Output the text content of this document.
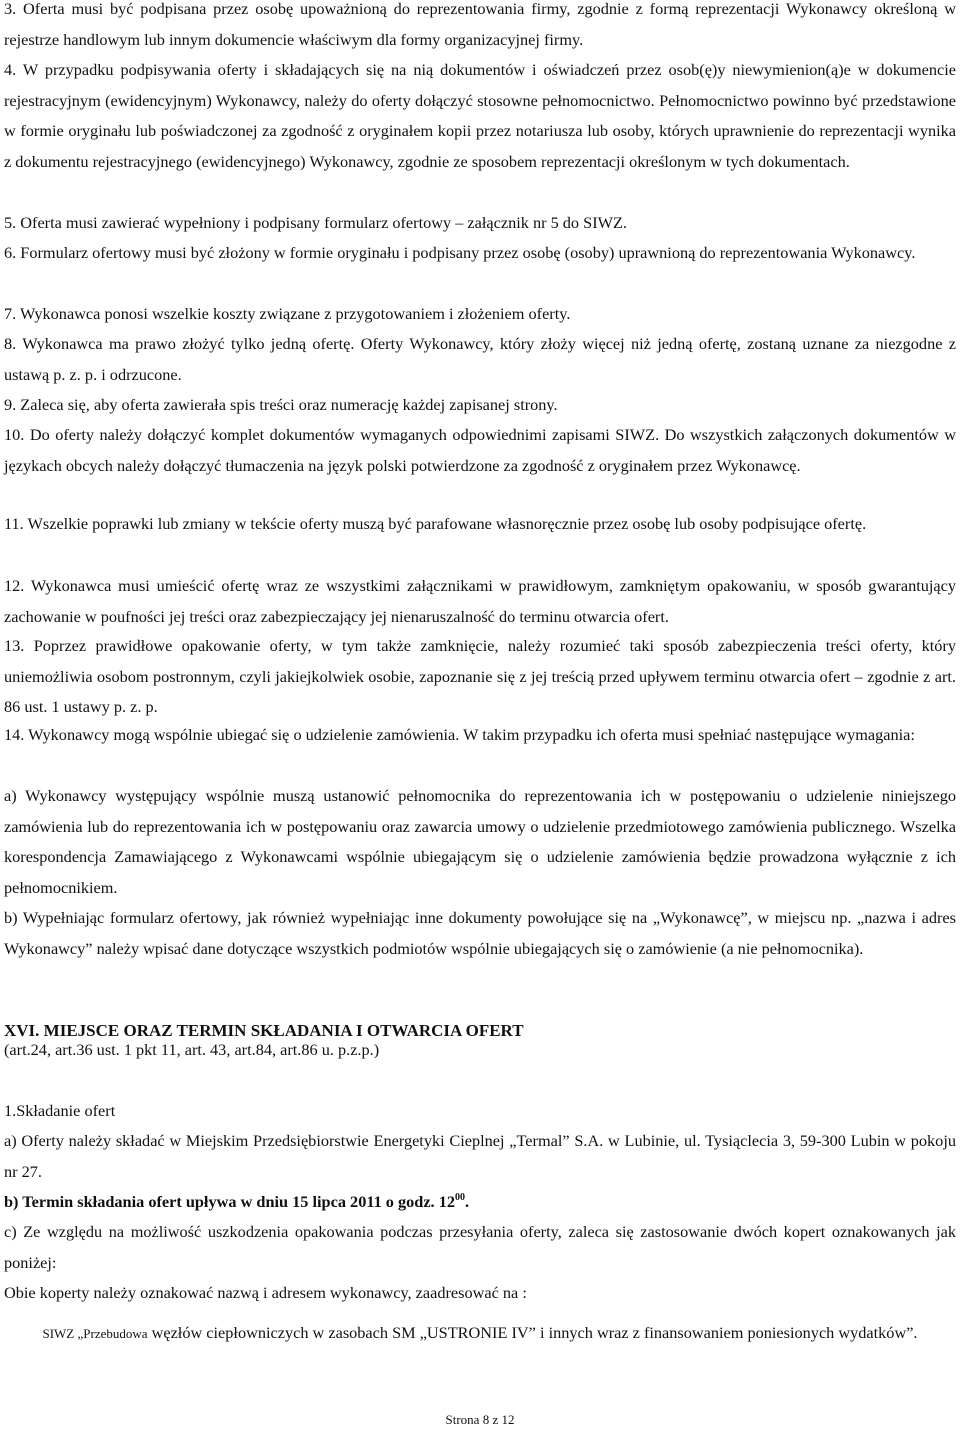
3. Oferta musi być podpisana przez osobę upoważnioną do reprezentowania firmy, zgodnie z formą reprezentacji Wykonawcy określoną w rejestrze handlowym lub innym dokumencie właściwym dla formy organizacyjnej firmy.

4. W przypadku podpisywania oferty i składających się na nią dokumentów i oświadczeń przez osob(ę)y niewymienion(ą)e w dokumencie rejestracyjnym (ewidencyjnym) Wykonawcy, należy do oferty dołączyć stosowne pełnomocnictwo. Pełnomocnictwo powinno być przedstawione w formie oryginału lub poświadczonej za zgodność z oryginałem kopii przez notariusza lub osoby, których uprawnienie do reprezentacji wynika z dokumentu rejestracyjnego (ewidencyjnego) Wykonawcy, zgodnie ze sposobem reprezentacji określonym w tych dokumentach.

5. Oferta musi zawierać wypełniony i podpisany formularz ofertowy – załącznik nr 5 do SIWZ.

6. Formularz ofertowy musi być złożony w formie oryginału i podpisany przez osobę (osoby) uprawnioną do reprezentowania Wykonawcy.

7. Wykonawca ponosi wszelkie koszty związane z przygotowaniem i złożeniem oferty.

8. Wykonawca ma prawo złożyć tylko jedną ofertę. Oferty Wykonawcy, który złoży więcej niż jedną ofertę, zostaną uznane za niezgodne z ustawą p. z. p. i odrzucone.

9. Zaleca się, aby oferta zawierała spis treści oraz numerację każdej zapisanej strony.

10. Do oferty należy dołączyć komplet dokumentów wymaganych odpowiednimi zapisami SIWZ. Do wszystkich załączonych dokumentów w językach obcych należy dołączyć tłumaczenia na język polski potwierdzone za zgodność z oryginałem przez Wykonawcę.

11. Wszelkie poprawki lub zmiany w tekście oferty muszą być parafowane własnoręcznie przez osobę lub osoby podpisujące ofertę.

12. Wykonawca musi umieścić ofertę wraz ze wszystkimi załącznikami w prawidłowym, zamkniętym opakowaniu, w sposób gwarantujący zachowanie w poufności jej treści oraz zabezpieczający jej nienaruszalność do terminu otwarcia ofert.

13. Poprzez prawidłowe opakowanie oferty, w tym także zamknięcie, należy rozumieć taki sposób zabezpieczenia treści oferty, który uniemożliwia osobom postronnym, czyli jakiejkolwiek osobie, zapoznanie się z jej treścią przed upływem terminu otwarcia ofert – zgodnie z art. 86 ust. 1 ustawy p. z. p.

14. Wykonawcy mogą wspólnie ubiegać się o udzielenie zamówienia. W takim przypadku ich oferta musi spełniać następujące wymagania:

a) Wykonawcy występujący wspólnie muszą ustanowić pełnomocnika do reprezentowania ich w postępowaniu o udzielenie niniejszego zamówienia lub do reprezentowania ich w postępowaniu oraz zawarcia umowy o udzielenie przedmiotowego zamówienia publicznego. Wszelka korespondencja Zamawiającego z Wykonawcami wspólnie ubiegającym się o udzielenie zamówienia będzie prowadzona wyłącznie z ich pełnomocnikiem.

b) Wypełniając formularz ofertowy, jak również wypełniając inne dokumenty powołujące się na „Wykonawcę”, w miejscu np. „nazwa i adres Wykonawcy” należy wpisać dane dotyczące wszystkich podmiotów wspólnie ubiegających się o zamówienie (a nie pełnomocnika).

XVI. MIEJSCE ORAZ TERMIN SKŁADANIA I OTWARCIA OFERT

(art.24, art.36 ust. 1 pkt 11, art. 43, art.84, art.86 u. p.z.p.)

1.Składanie ofert

a) Oferty należy składać w Miejskim Przedsiębiorstwie Energetyki Cieplnej „Termal” S.A. w Lubinie, ul. Tysiąclecia 3, 59-300 Lubin w pokoju nr 27.

b) Termin składania ofert upływa w dniu 15 lipca 2011 o godz. $12^{00}$.

c) Ze względu na możliwość uszkodzenia opakowania podczas przesyłania oferty, zaleca się zastosowanie dwóch kopert oznakowanych jak poniżej:

Obie koperty należy oznakować nazwą i adresem wykonawcy, zaadresować na :

SIWZ „Przebudowa węzłów ciepłowniczych w zasobach SM „USTRONIE IV” i innych wraz z finansowaniem poniesionych wydatków”.

Strona 8 z 12
